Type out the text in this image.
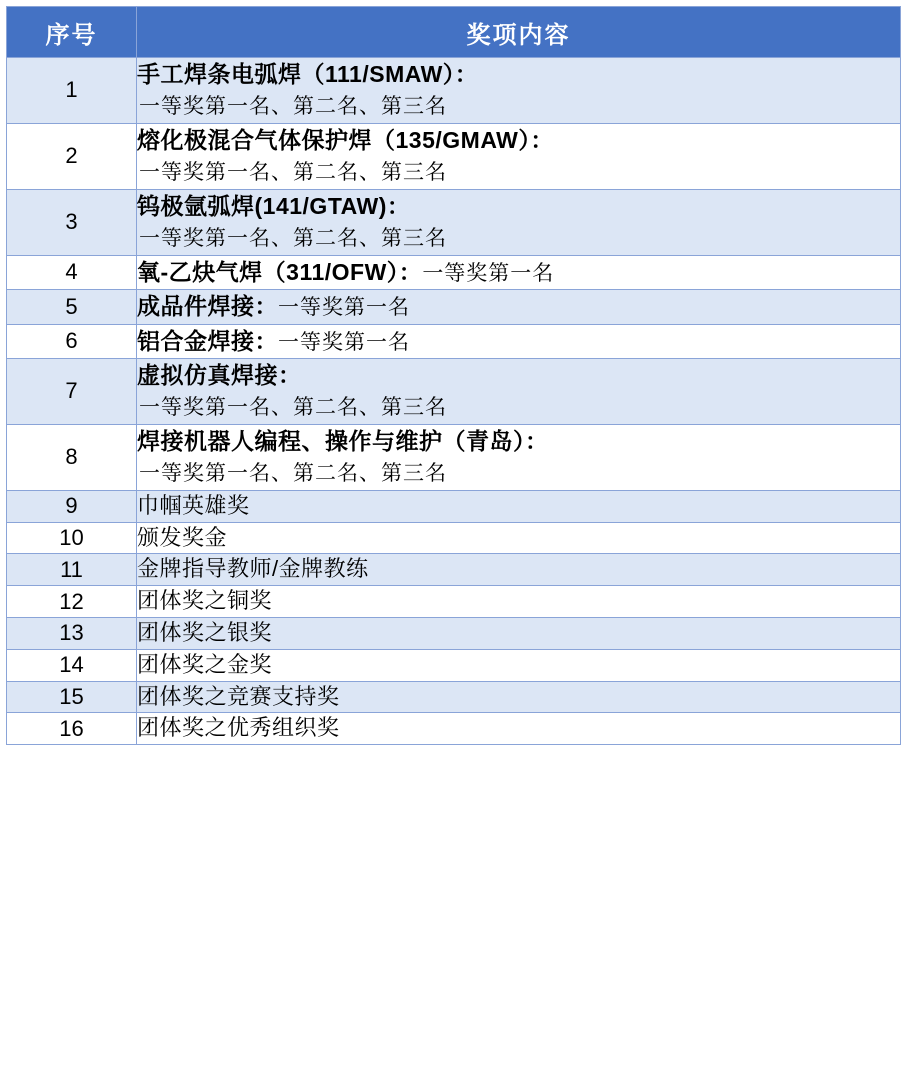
序号	奖项内容
1	手工焊条电弧焊（111/SMAW）：
一等奖第一名、第二名、第三名

2	熔化极混合气体保护焊（135/GMAW）：
一等奖第一名、第二名、第三名

3	钨极氩弧焊(141/GTAW)：
一等奖第一名、第二名、第三名

4	氧-乙炔气焊（311/OFW）：一等奖第一名
5	成品件焊接：一等奖第一名
6	铝合金焊接：一等奖第一名
7	虚拟仿真焊接：
一等奖第一名、第二名、第三名

8	焊接机器人编程、操作与维护（青岛）：
一等奖第一名、第二名、第三名

9	巾帼英雄奖

10	颁发奖金

11	金牌指导教师/金牌教练

12	团体奖之铜奖

13	团体奖之银奖

14	团体奖之金奖

15	团体奖之竞赛支持奖

16	团体奖之优秀组织奖
